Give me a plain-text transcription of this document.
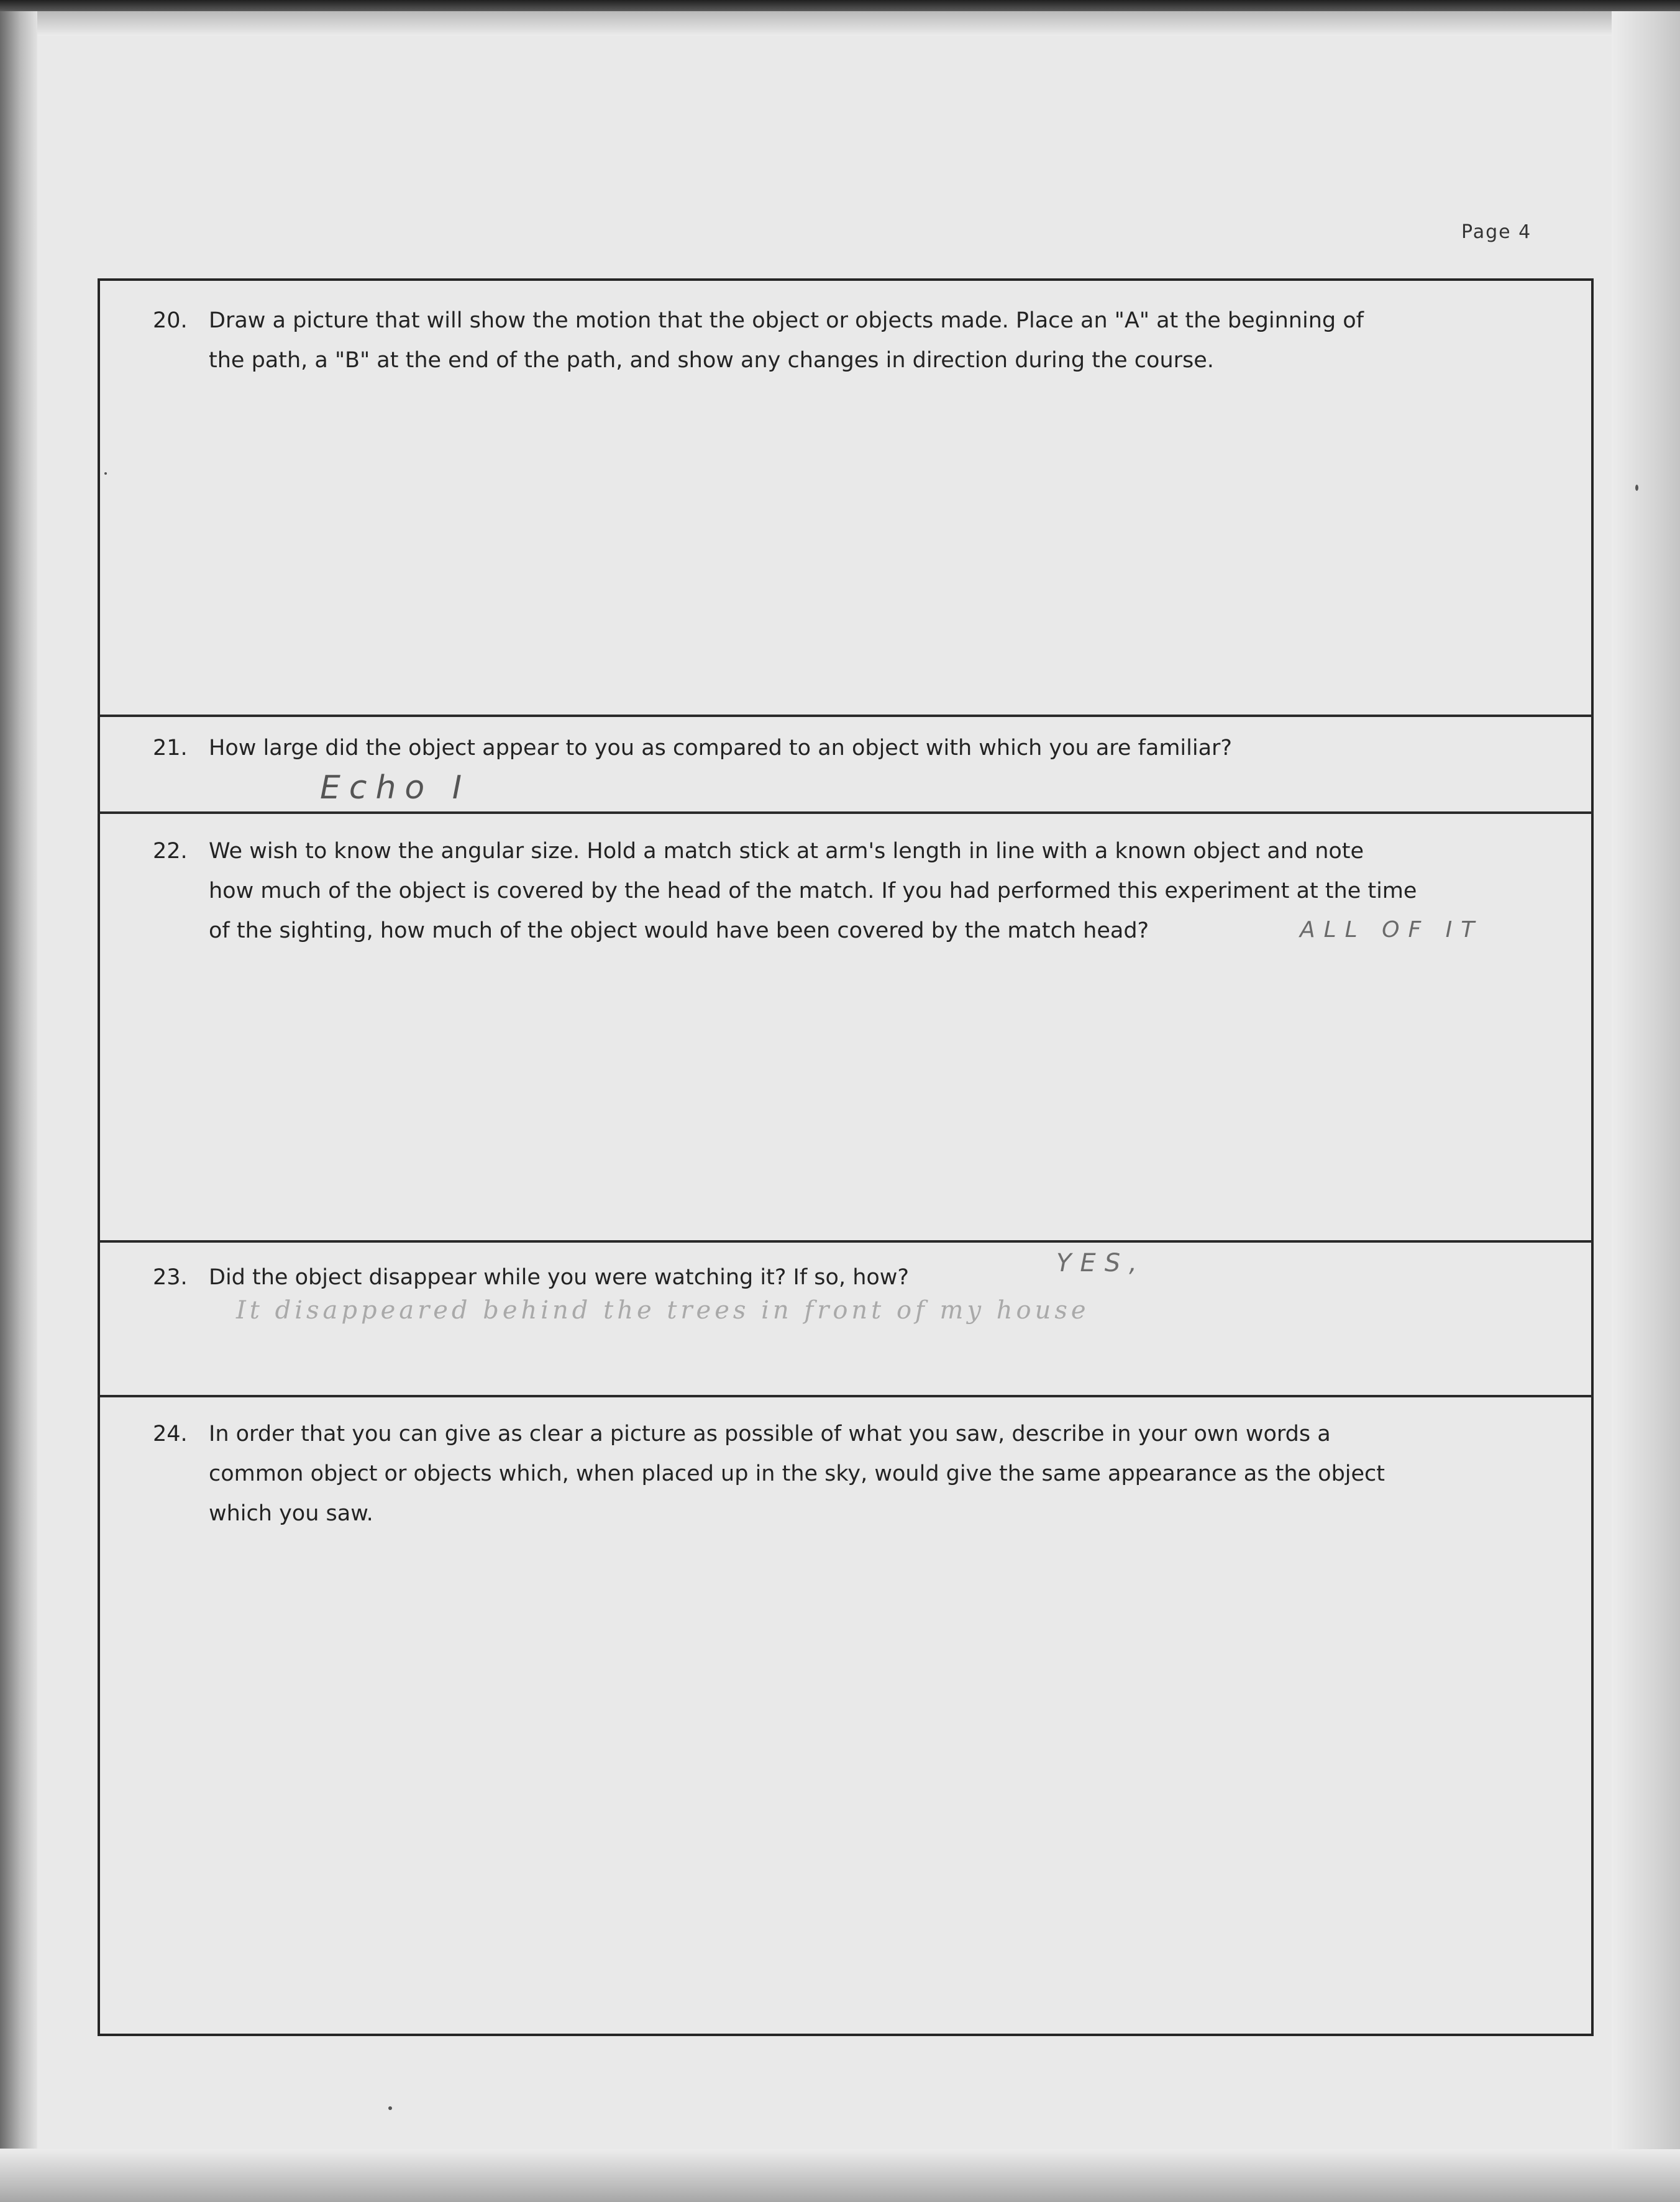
Page 4
20. Draw a picture that will show the motion that the object or objects made. Place an "A" at the beginning of
the path, a "B" at the end of the path, and show any changes in direction during the course.
21. How large did the object appear to you as compared to an object with which you are familiar?
Echo I
22. We wish to know the angular size. Hold a match stick at arm's length in line with a known object and note
how much of the object is covered by the head of the match. If you had performed this experiment at the time
of the sighting, how much of the object would have been covered by the match head?	ALL OF IT
23. Did the object disappear while you were watching it? If so, how?	YES,
It disappeared behind the trees in front of my house
24. In order that you can give as clear a picture as possible of what you saw, describe in your own words a
common object or objects which, when placed up in the sky, would give the same appearance as the object
which you saw.
